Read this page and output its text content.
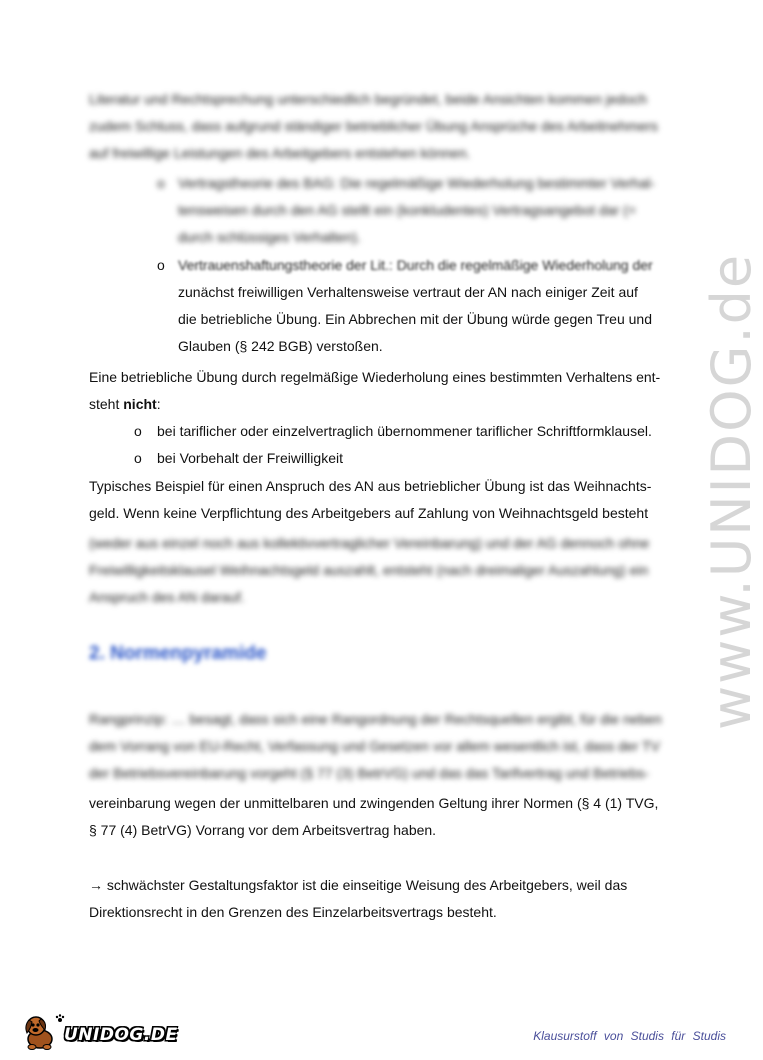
www.UNIDOG.de
Literatur und Rechtsprechung unterschiedlich begründet, beide Ansichten kommen jedoch
zudem Schluss, dass aufgrund ständiger betrieblicher Übung Ansprüche des Arbeitnehmers
auf freiwillige Leistungen des Arbeitgebers entstehen können.
o Vertragstheorie des BAG: Die regelmäßige Wiederholung bestimmter Verhal-
tensweisen durch den AG stellt ein (konkludentes) Vertragsangebot dar (=
durch schlüssiges Verhalten).
o Vertrauenshaftungstheorie der Lit.: Durch die regelmäßige Wiederholung der
zunächst freiwilligen Verhaltensweise vertraut der AN nach einiger Zeit auf
die betriebliche Übung. Ein Abbrechen mit der Übung würde gegen Treu und
Glauben (§ 242 BGB) verstoßen.
Eine betriebliche Übung durch regelmäßige Wiederholung eines bestimmten Verhaltens ent-
steht nicht:
o bei tariflicher oder einzelvertraglich übernommener tariflicher Schriftformklausel.
o bei Vorbehalt der Freiwilligkeit
Typisches Beispiel für einen Anspruch des AN aus betrieblicher Übung ist das Weihnachts-
geld. Wenn keine Verpflichtung des Arbeitgebers auf Zahlung von Weihnachtsgeld besteht
(weder aus einzel noch aus kollektivvertraglicher Vereinbarung) und der AG dennoch ohne
Freiwilligkeitsklausel Weihnachtsgeld auszahlt, entsteht (nach dreimaliger Auszahlung) ein
Anspruch des AN darauf.
2. Normenpyramide
Rangprinzip: … besagt, dass sich eine Rangordnung der Rechtsquellen ergibt, für die neben
dem Vorrang von EU-Recht, Verfassung und Gesetzen vor allem wesentlich ist, dass der TV
der Betriebsvereinbarung vorgeht (§ 77 (3) BetrVG) und das das Tarifvertrag und Betriebs-
vereinbarung wegen der unmittelbaren und zwingenden Geltung ihrer Normen (§ 4 (1) TVG,
§ 77 (4) BetrVG) Vorrang vor dem Arbeitsvertrag haben.
→ schwächster Gestaltungsfaktor ist die einseitige Weisung des Arbeitgebers, weil das
Direktionsrecht in den Grenzen des Einzelarbeitsvertrags besteht.
UNIDOG.DE	Klausurstoff von Studis für Studis
